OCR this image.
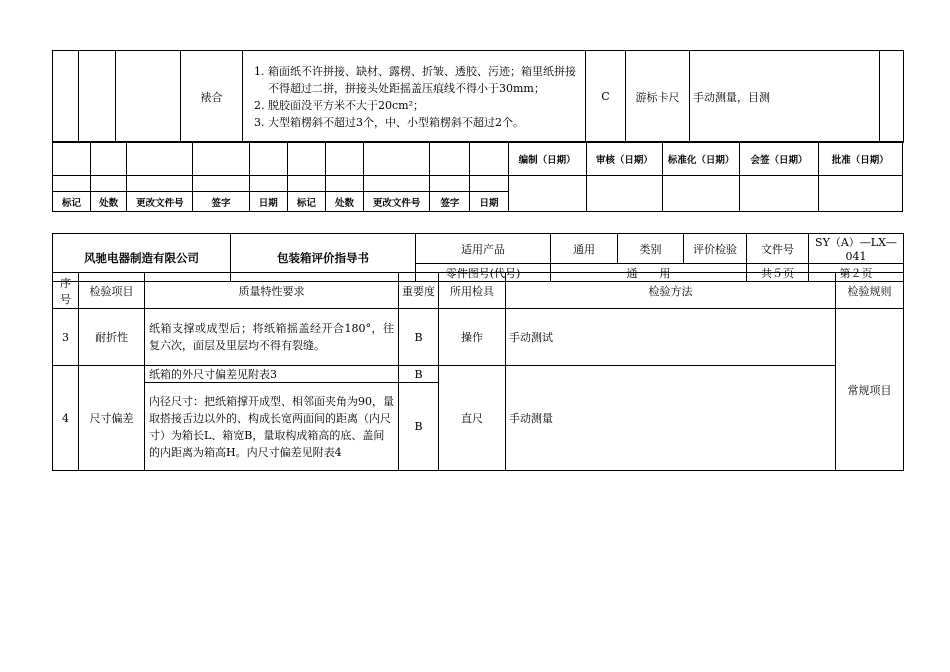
			裱合	
1. 箱面纸不许拼接、缺材、露楞、折皱、透胶、污迹；箱里纸拼接不得超过二拼，拼接头处距摇盖压痕线不得小于30mm；
2. 脱胶面没平方米不大于20cm²；
3. 大型箱楞斜不超过3个，中、小型箱楞斜不超过2个。
	C	游标卡尺	手动测量，目测	
										编制（日期）	审核（日期）	标准化（日期）	会签（日期）	批准（日期）

标记	处数	更改文件号	签字	日期	标记	处数	更改文件号	签字	日期					
风驰电器制造有限公司	包装箱评价指导书	适用产品	通用	类别	评价检验	文件号	SY（A）—LX—041
		零件图号(代号)	通　　用			共５页	第２页
序号	检验项目	质量特性要求	重要度	所用检具	检验方法	检验规则
3	耐折性	纸箱支撑或成型后；将纸箱摇盖经开合180°，往复六次，面层及里层均不得有裂缝。	B	操作	手动测试	常规项目
4	尺寸偏差	纸箱的外尺寸偏差见附表3	B	直尺	手动测量	
		内径尺寸：把纸箱撑开成型、相邻面夹角为90，量取搭接舌边以外的、构成长宽两面间的距离（内尺寸）为箱长L、箱宽B，量取构成箱高的底、盖间的内距离为箱高H。内尺寸偏差见附表4	B			
